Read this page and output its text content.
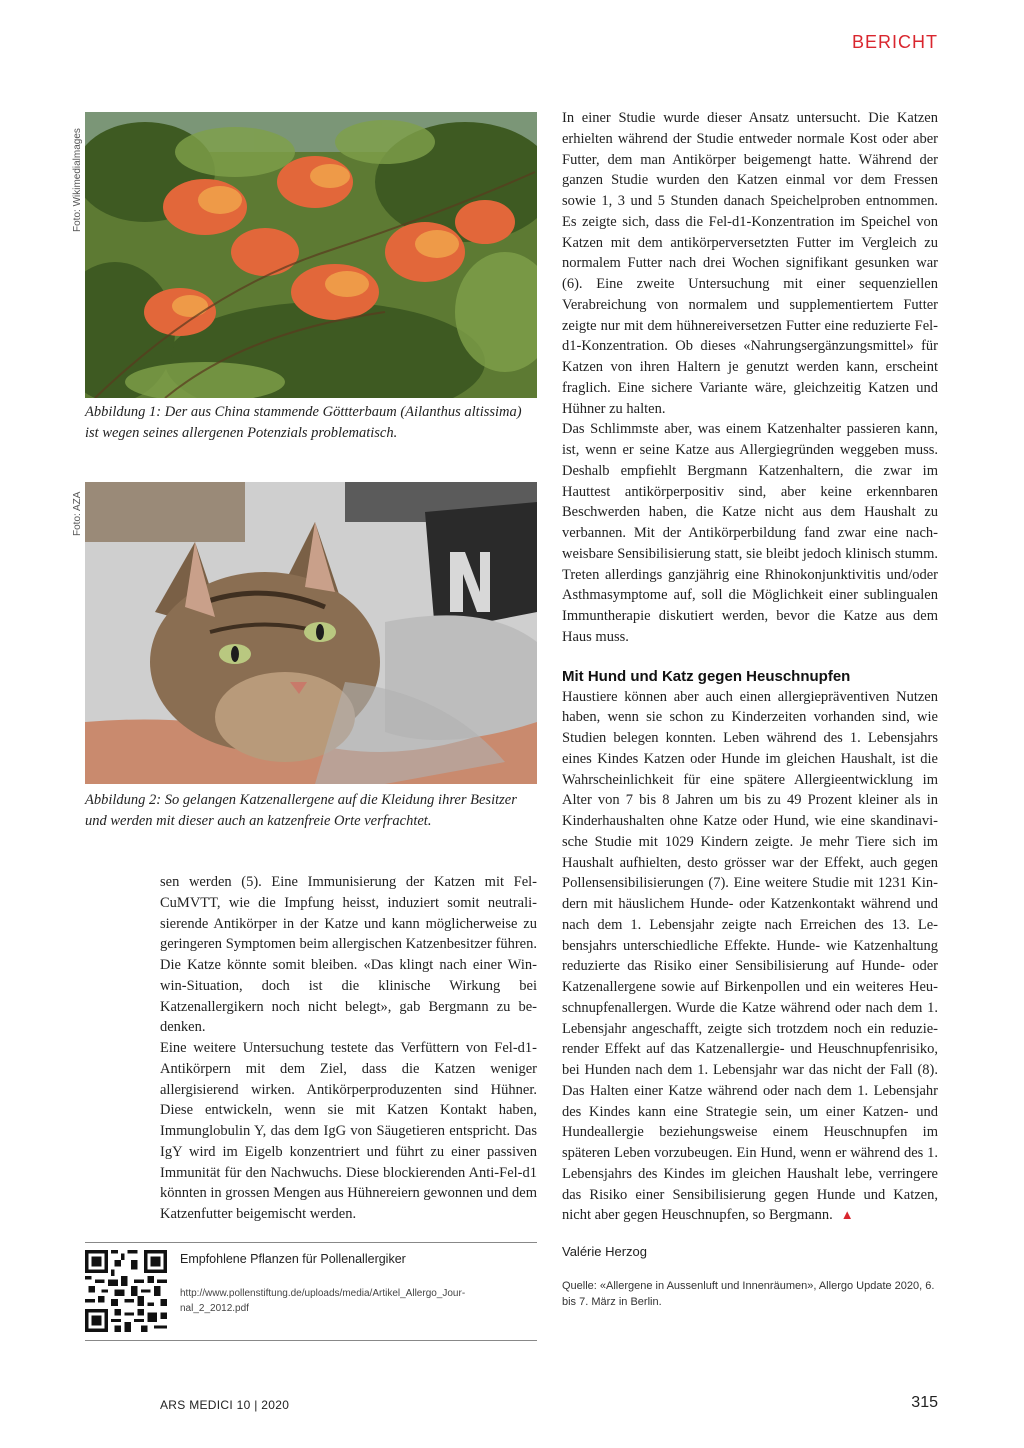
BERICHT
Foto: Wikimedialmages
Abbildung 1: Der aus China stammende Göttterbaum (Ailanthus altissima) ist wegen seines allergenen Potenzials problematisch.
Foto: AZA
Abbildung 2: So gelangen Katzenallergene auf die Kleidung ihrer Besitzer und werden mit dieser auch an katzenfreie Orte verfrachtet.

sen werden (5). Eine Immunisierung der Katzen mit Fel-CuMVTT, wie die Impfung heisst, induziert somit neutralisierende Antikörper in der Katze und kann möglicherweise zu geringeren Symptomen beim allergischen Katzenbesitzer führen. Die Katze könnte somit bleiben. «Das klingt nach einer Win-win-Situation, doch ist die klinische Wirkung bei Katzenallergikern noch nicht belegt», gab Bergmann zu bedenken.

Eine weitere Untersuchung testete das Verfüttern von Fel-d1-Antikörpern mit dem Ziel, dass die Katzen weniger allergisierend wirken. Antikörperproduzenten sind Hühner. Diese entwickeln, wenn sie mit Katzen Kontakt haben, Immunglobulin Y, das dem IgG von Säugetieren entspricht. Das IgY wird im Eigelb konzentriert und führt zu einer passiven Immunität für den Nachwuchs. Diese blockierenden Anti-Fel-d1 könnten in grossen Mengen aus Hühnereiern gewonnen und dem Katzenfutter beigemischt werden.

In einer Studie wurde dieser Ansatz untersucht. Die Katzen erhielten während der Studie entweder normale Kost oder aber Futter, dem man Antikörper beigemengt hatte. Während der ganzen Studie wurden den Katzen einmal vor dem Fressen sowie 1, 3 und 5 Stunden danach Speichelproben entnommen. Es zeigte sich, dass die Fel-d1-Konzentration im Speichel von Katzen mit dem antikörperversetzten Futter im Vergleich zu normalem Futter nach drei Wochen signifikant gesunken war (6). Eine zweite Untersuchung mit einer sequenziellen Verabreichung von normalem und supplementiertem Futter zeigte nur mit dem hühnereiversetzen Futter eine reduzierte Fel-d1-Konzentration. Ob dieses «Nahrungsergänzungsmittel» für Katzen von ihren Haltern je genutzt werden kann, erscheint fraglich. Eine sichere Variante wäre, gleichzeitig Katzen und Hühner zu halten.

Das Schlimmste aber, was einem Katzenhalter passieren kann, ist, wenn er seine Katze aus Allergiegründen weggeben muss. Deshalb empfiehlt Bergmann Katzenhaltern, die zwar im Hauttest antikörperpositiv sind, aber keine erkennbaren Beschwerden haben, die Katze nicht aus dem Haushalt zu verbannen. Mit der Antikörperbildung fand zwar eine nachweisbare Sensibilisierung statt, sie bleibt jedoch klinisch stumm. Treten allerdings ganzjährig eine Rhinokonjunktivitis und/oder Asthmasymptome auf, soll die Möglichkeit einer sublingualen Immuntherapie diskutiert werden, bevor die Katze aus dem Haus muss.

Mit Hund und Katz gegen Heuschnupfen

Haustiere können aber auch einen allergiepräventiven Nutzen haben, wenn sie schon zu Kinderzeiten vorhanden sind, wie Studien belegen konnten. Leben während des 1. Lebensjahrs eines Kindes Katzen oder Hunde im gleichen Haushalt, ist die Wahrscheinlichkeit für eine spätere Allergieentwicklung im Alter von 7 bis 8 Jahren um bis zu 49 Prozent kleiner als in Kinderhaushalten ohne Katze oder Hund, wie eine skandinavische Studie mit 1029 Kindern zeigte. Je mehr Tiere sich im Haushalt aufhielten, desto grösser war der Effekt, auch gegen Pollensensibilisierungen (7). Eine weitere Studie mit 1231 Kindern mit häuslichem Hunde- oder Katzenkontakt während und nach dem 1. Lebensjahr zeigte nach Erreichen des 13. Lebensjahrs unterschiedliche Effekte. Hunde- wie Katzenhaltung reduzierte das Risiko einer Sensibilisierung auf Hunde- oder Katzenallergene sowie auf Birkenpollen und ein weiteres Heuschnupfenallergen. Wurde die Katze während oder nach dem 1. Lebensjahr angeschafft, zeigte sich trotzdem noch ein reduzierender Effekt auf das Katzenallergie- und Heuschnupfenrisiko, bei Hunden nach dem 1. Lebensjahr war das nicht der Fall (8). Das Halten einer Katze während oder nach dem 1. Lebensjahr des Kindes kann eine Strategie sein, um einer Katzen- und Hundeallergie beziehungsweise einem Heuschnupfen im späteren Leben vorzubeugen. Ein Hund, wenn er während des 1. Lebensjahrs des Kindes im gleichen Haushalt lebe, verringere das Risiko einer Sensibilisierung gegen Hunde und Katzen, nicht aber gegen Heuschnupfen, so Bergmann. ▲

Valérie Herzog
Quelle: «Allergene in Aussenluft und Innenräumen», Allergo Update 2020, 6. bis 7. März in Berlin.
Empfohlene Pflanzen für Pollenallergiker
http://www.pollenstiftung.de/uploads/media/Artikel_Allergo_Journal_2_2012.pdf
ARS MEDICI 10 | 2020	315
